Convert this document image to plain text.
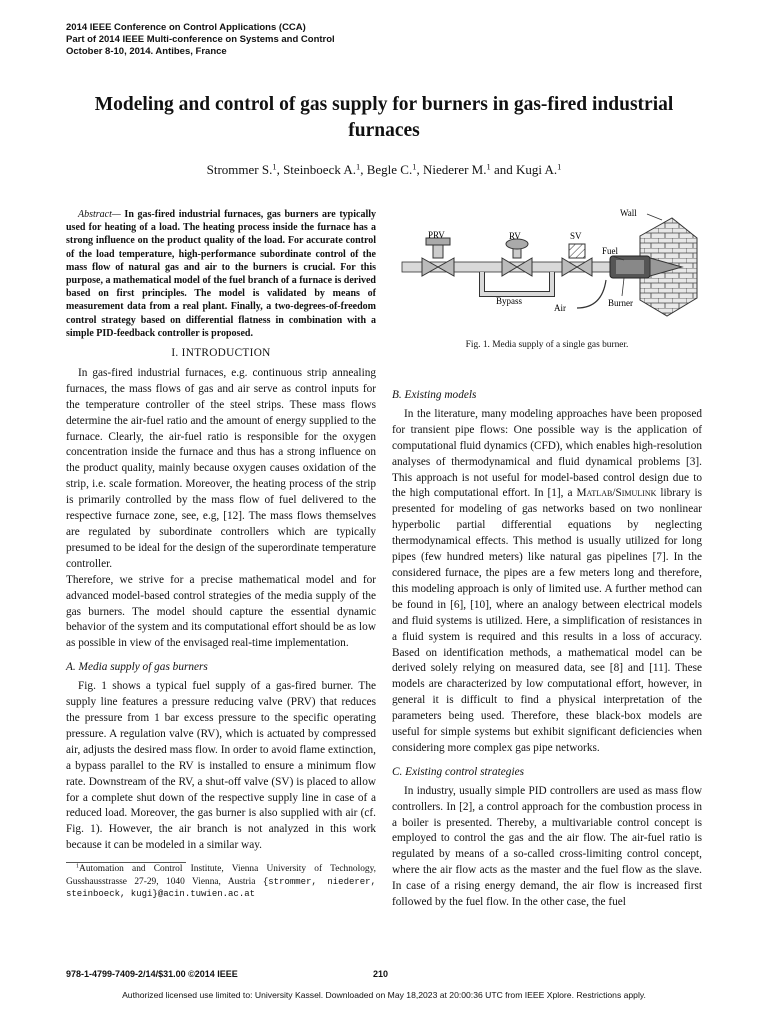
2014 IEEE Conference on Control Applications (CCA)
Part of 2014 IEEE Multi-conference on Systems and Control
October 8-10, 2014. Antibes, France
Modeling and control of gas supply for burners in gas-fired industrial furnaces
Strommer S.$^1$, Steinboeck A.$^1$, Begle C.$^1$, Niederer M.$^1$ and Kugi A.$^1$

Abstract— In gas-fired industrial furnaces, gas burners are typically used for heating of a load. The heating process inside the furnace has a strong influence on the product quality of the load. For accurate control of the load temperature, high-performance subordinate control of the mass flow of natural gas and air to the burners is crucial. For this purpose, a mathematical model of the fuel branch of a furnace is derived based on first principles. The model is validated by means of measurement data from a real plant. Finally, a two-degrees-of-freedom control strategy based on differential flatness in combination with a simple PID-feedback controller is proposed.

I. INTRODUCTION

In gas-fired industrial furnaces, e.g. continuous strip annealing furnaces, the mass flows of gas and air serve as control inputs for the temperature controller of the steel strips. These mass flows determine the air-fuel ratio and the amount of energy supplied to the furnace. Clearly, the air-fuel ratio is responsible for the oxygen concentration inside the furnace and thus has a strong influence on the product quality, mainly because oxygen causes oxidation of the strip, i.e. scale formation. Moreover, the heating process of the strip is primarily controlled by the mass flow of fuel delivered to the respective furnace zone, see, e.g, [12]. The mass flows themselves are regulated by subordinate controllers which are typically presumed to be ideal for the design of the superordinate temperature controller.

Therefore, we strive for a precise mathematical model and for advanced model-based control strategies of the media supply of the gas burners. The model should capture the essential dynamic behavior of the system and its computational effort should be as low as possible in view of the envisaged real-time implementation.

A. Media supply of gas burners

Fig. 1 shows a typical fuel supply of a gas-fired burner. The supply line features a pressure reducing valve (PRV) that reduces the pressure from 1 bar excess pressure to the specific operating pressure. A regulation valve (RV), which is actuated by compressed air, adjusts the desired mass flow. In order to avoid flame extinction, a bypass parallel to the RV is installed to ensure a minimum flow rate. Downstream of the RV, a shut-off valve (SV) is placed to allow for a complete shut down of the respective supply line in case of a reduced load. Moreover, the gas burner is also supplied with air (cf. Fig. 1). However, the air branch is not analyzed in this work because it can be modeled in a similar way.

$^1$Automation and Control Institute, Vienna University of Technology, Gusshausstrasse 27-29, 1040 Vienna, Austria {strommer, niederer, steinboeck, kugi}@acin.tuwien.ac.at

Wall
PRV	RV	SV
Fuel
Bypass
Air	Burner
Fig. 1. Media supply of a single gas burner.
B. Existing models

In the literature, many modeling approaches have been proposed for transient pipe flows: One possible way is the application of computational fluid dynamics (CFD), which enables high-resolution analyses of thermodynamical and fluid dynamical problems [3]. This approach is not useful for model-based control design due to the high computational effort. In [1], a Matlab/Simulink library is presented for modeling of gas networks based on two nonlinear hyperbolic partial differential equations by neglecting thermodynamical effects. This method is usually utilized for long pipes (few hundred meters) like natural gas pipelines [7]. In the considered furnace, the pipes are a few meters long and therefore, this modeling approach is only of limited use. A further method can be found in [6], [10], where an analogy between electrical models and fluid systems is utilized. Here, a simplification of resistances in a fluid system is required and this results in a loss of accuracy. Based on identification methods, a mathematical model can be derived solely relying on measured data, see [8] and [11]. These models are characterized by low computational effort, however, in general it is difficult to find a physical interpretation of the parameters being used. Therefore, these black-box models are useful for simple systems but exhibit significant deficiencies when considering more complex gas pipe networks.

C. Existing control strategies

In industry, usually simple PID controllers are used as mass flow controllers. In [2], a control approach for the combustion process in a boiler is presented. Thereby, a multivariable control concept is employed to control the gas and the air flow. The air-fuel ratio is regulated by means of a so-called cross-limiting control concept, where the air flow acts as the master and the fuel flow as the slave. In case of a rising energy demand, the air flow is increased first followed by the fuel flow. In the other case, the fuel

978-1-4799-7409-2/14/$31.00 ©2014 IEEE	210
Authorized licensed use limited to: University Kassel. Downloaded on May 18,2023 at 20:00:36 UTC from IEEE Xplore. Restrictions apply.
